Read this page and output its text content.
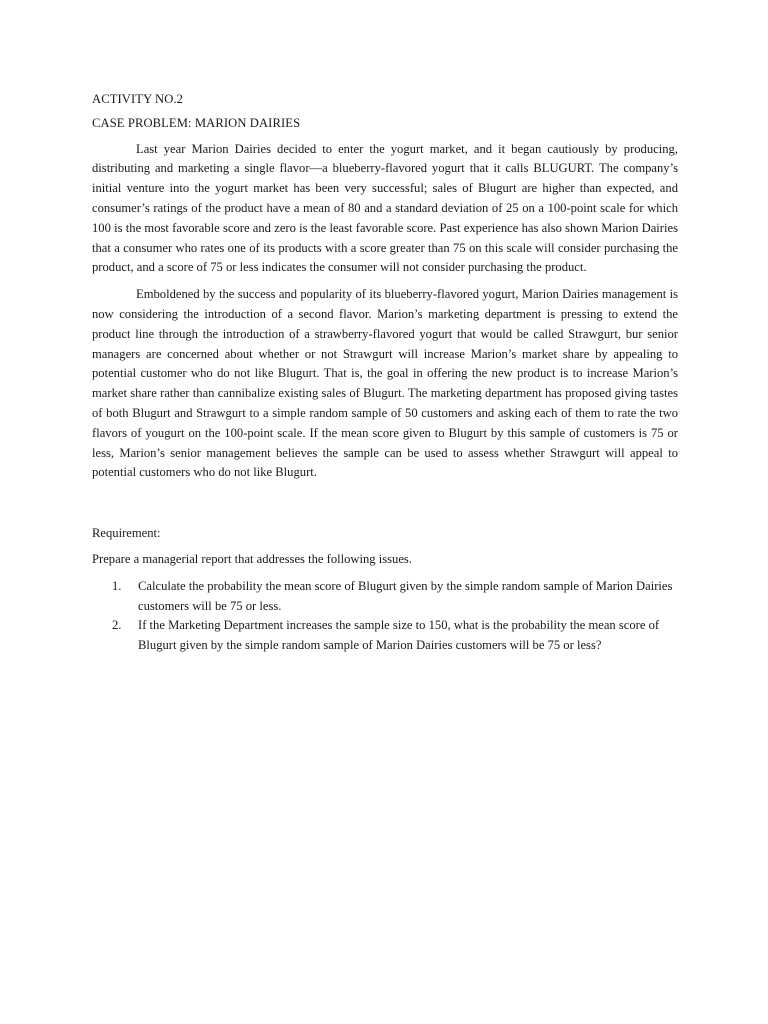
ACTIVITY NO.2
CASE PROBLEM: MARION DAIRIES

Last year Marion Dairies decided to enter the yogurt market, and it began cautiously by producing, distributing and marketing a single flavor—a blueberry-flavored yogurt that it calls BLUGURT. The company’s initial venture into the yogurt market has been very successful; sales of Blugurt are higher than expected, and consumer’s ratings of the product have a mean of 80 and a standard deviation of 25 on a 100-point scale for which 100 is the most favorable score and zero is the least favorable score. Past experience has also shown Marion Dairies that a consumer who rates one of its products with a score greater than 75 on this scale will consider purchasing the product, and a score of 75 or less indicates the consumer will not consider purchasing the product.

Emboldened by the success and popularity of its blueberry-flavored yogurt, Marion Dairies management is now considering the introduction of a second flavor. Marion’s marketing department is pressing to extend the product line through the introduction of a strawberry-flavored yogurt that would be called Strawgurt, bur senior managers are concerned about whether or not Strawgurt will increase Marion’s market share by appealing to potential customer who do not like Blugurt. That is, the goal in offering the new product is to increase Marion’s market share rather than cannibalize existing sales of Blugurt. The marketing department has proposed giving tastes of both Blugurt and Strawgurt to a simple random sample of 50 customers and asking each of them to rate the two flavors of yougurt on the 100-point scale. If the mean score given to Blugurt by this sample of customers is 75 or less, Marion’s senior management believes the sample can be used to assess whether Strawgurt will appeal to potential customers who do not like Blugurt.

Requirement:
Prepare a managerial report that addresses the following issues.
1. Calculate the probability the mean score of Blugurt given by the simple random sample of Marion Dairies customers will be 75 or less.
2. If the Marketing Department increases the sample size to 150, what is the probability the mean score of Blugurt given by the simple random sample of Marion Dairies customers will be 75 or less?
